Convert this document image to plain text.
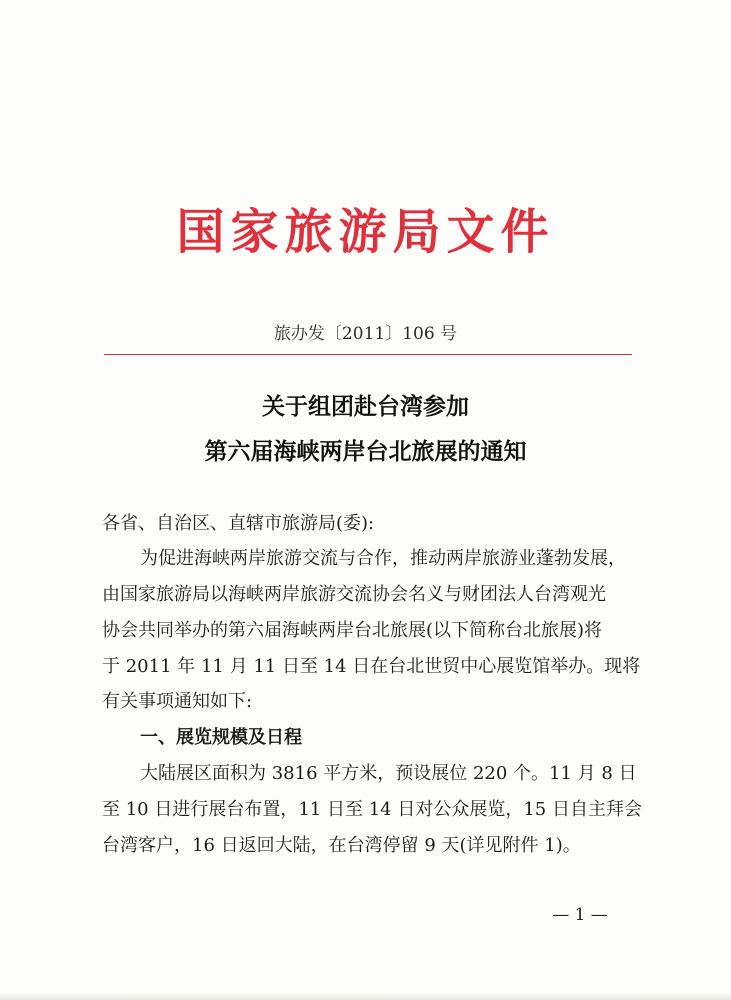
国家旅游局文件
旅办发〔2011〕106 号
关于组团赴台湾参加
第六届海峡两岸台北旅展的通知
各省、自治区、直辖市旅游局(委):
为促进海峡两岸旅游交流与合作，推动两岸旅游业蓬勃发展，
由国家旅游局以海峡两岸旅游交流协会名义与财团法人台湾观光
协会共同举办的第六届海峡两岸台北旅展(以下简称台北旅展)将
于 2011 年 11 月 11 日至 14 日在台北世贸中心展览馆举办。现将
有关事项通知如下:
一、展览规模及日程
大陆展区面积为 3816 平方米，预设展位 220 个。11 月 8 日
至 10 日进行展台布置，11 日至 14 日对公众展览，15 日自主拜会
台湾客户，16 日返回大陆，在台湾停留 9 天(详见附件 1)。
— 1 —
